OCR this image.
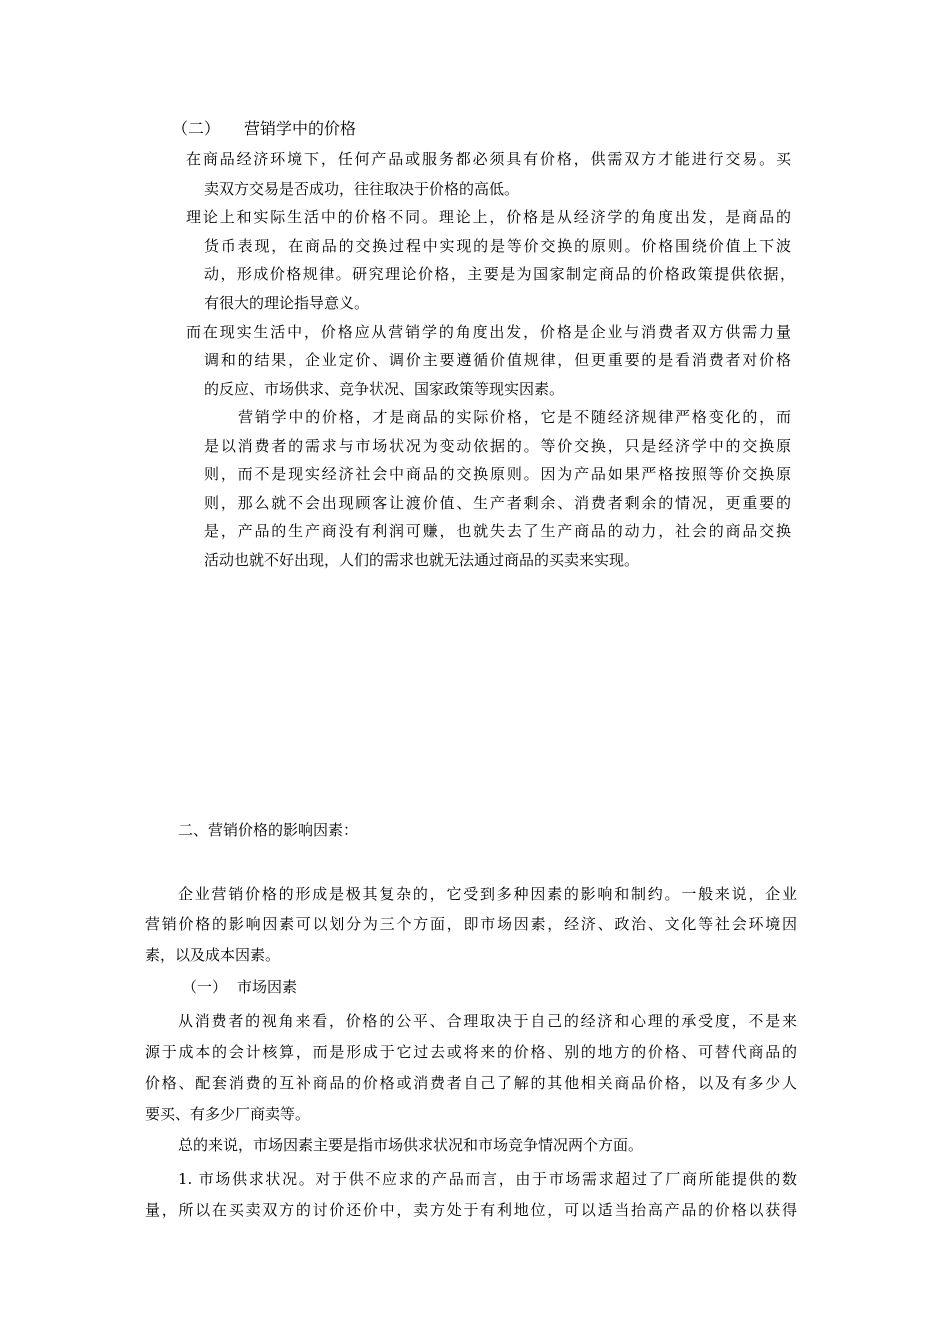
（二） 营销学中的价格
在商品经济环境下，任何产品或服务都必须具有价格，供需双方才能进行交易。买
卖双方交易是否成功，往往取决于价格的高低。
理论上和实际生活中的价格不同。理论上，价格是从经济学的角度出发，是商品的
货币表现，在商品的交换过程中实现的是等价交换的原则。价格围绕价值上下波
动，形成价格规律。研究理论价格，主要是为国家制定商品的价格政策提供依据，
有很大的理论指导意义。
而在现实生活中，价格应从营销学的角度出发，价格是企业与消费者双方供需力量
调和的结果，企业定价、调价主要遵循价值规律，但更重要的是看消费者对价格
的反应、市场供求、竞争状况、国家政策等现实因素。
营销学中的价格，才是商品的实际价格，它是不随经济规律严格变化的，而
是以消费者的需求与市场状况为变动依据的。等价交换，只是经济学中的交换原
则，而不是现实经济社会中商品的交换原则。因为产品如果严格按照等价交换原
则，那么就不会出现顾客让渡价值、生产者剩余、消费者剩余的情况，更重要的
是，产品的生产商没有利润可赚，也就失去了生产商品的动力，社会的商品交换
活动也就不好出现，人们的需求也就无法通过商品的买卖来实现。
二、营销价格的影响因素：
企业营销价格的形成是极其复杂的，它受到多种因素的影响和制约。一般来说，企业
营销价格的影响因素可以划分为三个方面，即市场因素，经济、政治、文化等社会环境因
素，以及成本因素。
（一） 市场因素
从消费者的视角来看，价格的公平、合理取决于自己的经济和心理的承受度，不是来
源于成本的会计核算，而是形成于它过去或将来的价格、别的地方的价格、可替代商品的
价格、配套消费的互补商品的价格或消费者自己了解的其他相关商品价格，以及有多少人
要买、有多少厂商卖等。
总的来说，市场因素主要是指市场供求状况和市场竞争情况两个方面。
1. 市场供求状况。对于供不应求的产品而言，由于市场需求超过了厂商所能提供的数
量，所以在买卖双方的讨价还价中，卖方处于有利地位，可以适当抬高产品的价格以获得
